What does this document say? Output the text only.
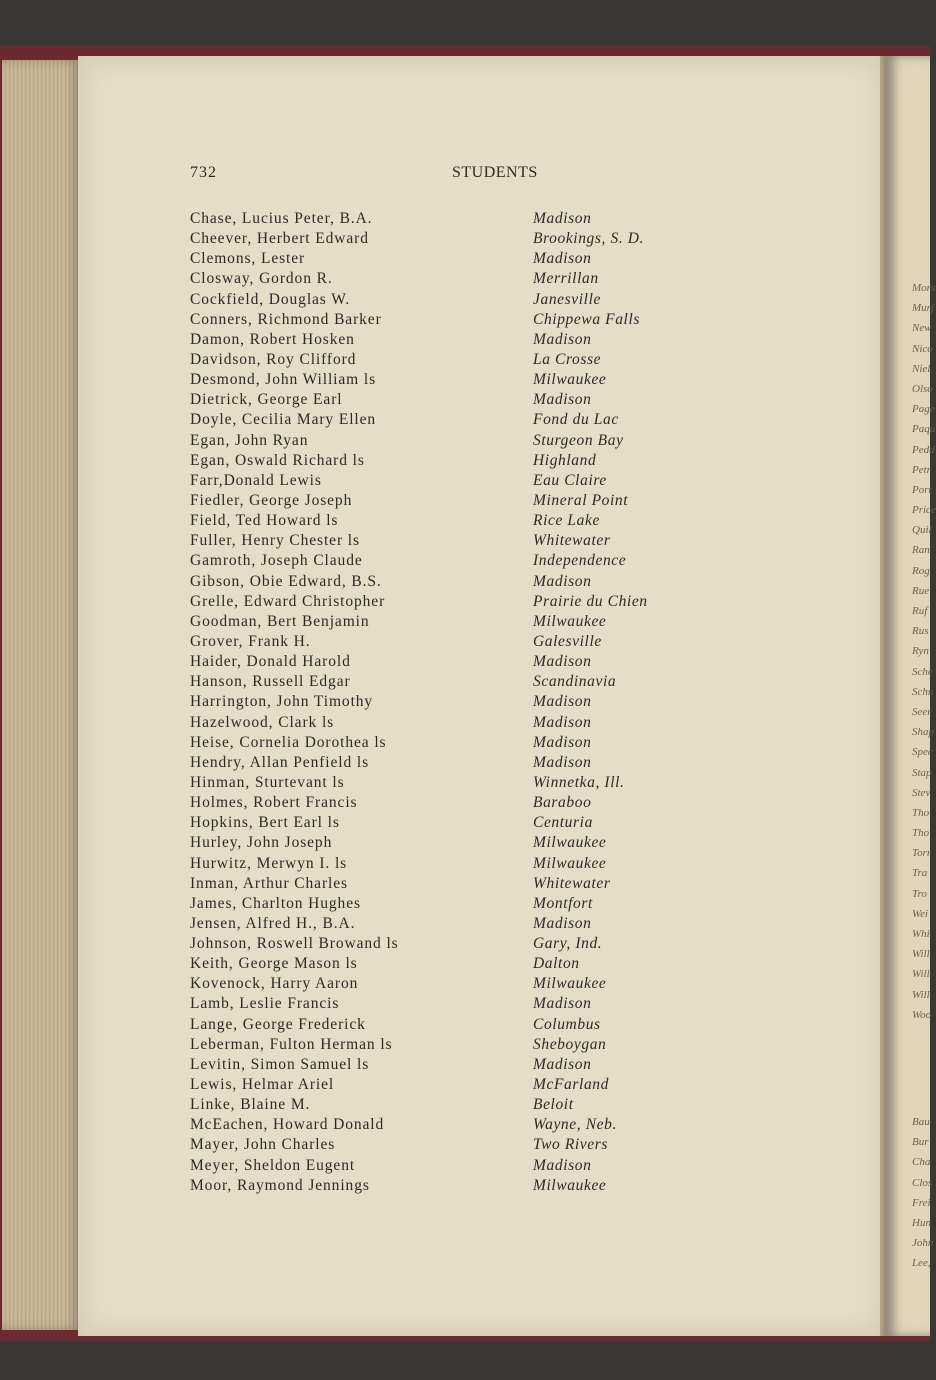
732	STUDENTS
Chase, Lucius Peter, B.A.	Madison
Cheever, Herbert Edward	Brookings, S. D.
Clemons, Lester	Madison
Closway, Gordon R.	Merrillan
Cockfield, Douglas W.	Janesville
Conners, Richmond Barker	Chippewa Falls
Damon, Robert Hosken	Madison
Davidson, Roy Clifford	La Crosse
Desmond, John William ls	Milwaukee
Dietrick, George Earl	Madison
Doyle, Cecilia Mary Ellen	Fond du Lac
Egan, John Ryan	Sturgeon Bay
Egan, Oswald Richard ls	Highland
Farr,Donald Lewis	Eau Claire
Fiedler, George Joseph	Mineral Point
Field, Ted Howard ls	Rice Lake
Fuller, Henry Chester ls	Whitewater
Gamroth, Joseph Claude	Independence
Gibson, Obie Edward, B.S.	Madison
Grelle, Edward Christopher	Prairie du Chien
Goodman, Bert Benjamin	Milwaukee
Grover, Frank H.	Galesville
Haider, Donald Harold	Madison
Hanson, Russell Edgar	Scandinavia
Harrington, John Timothy	Madison
Hazelwood, Clark ls	Madison
Heise, Cornelia Dorothea ls	Madison
Hendry, Allan Penfield ls	Madison
Hinman, Sturtevant ls	Winnetka, Ill.
Holmes, Robert Francis	Baraboo
Hopkins, Bert Earl ls	Centuria
Hurley, John Joseph	Milwaukee
Hurwitz, Merwyn I. ls	Milwaukee
Inman, Arthur Charles	Whitewater
James, Charlton Hughes	Montfort
Jensen, Alfred H., B.A.	Madison
Johnson, Roswell Browand ls	Gary, Ind.
Keith, George Mason ls	Dalton
Kovenock, Harry Aaron	Milwaukee
Lamb, Leslie Francis	Madison
Lange, George Frederick	Columbus
Leberman, Fulton Herman ls	Sheboygan
Levitin, Simon Samuel ls	Madison
Lewis, Helmar Ariel	McFarland
Linke, Blaine M.	Beloit
McEachen, Howard Donald	Wayne, Neb.
Mayer, John Charles	Two Rivers
Meyer, Sheldon Eugent	Madison
Moor, Raymond Jennings	Milwaukee
Mors
Murj
New
Nico
Niel
Olso
Page
Paqu
Pedd
Petr
Port
Price
Quil
Ran
Rog
Rue
Ruf
Rus
Ryn
Sche
Schn
Seer
Shap
Spec
Stap
Stev
Tho
Tho
Torr
Tra
Tro
Wei
Whi
Will
Will
Will
Woo
Bau
Bur
Cha
Clos
Frei
Hun
John
Lee,
